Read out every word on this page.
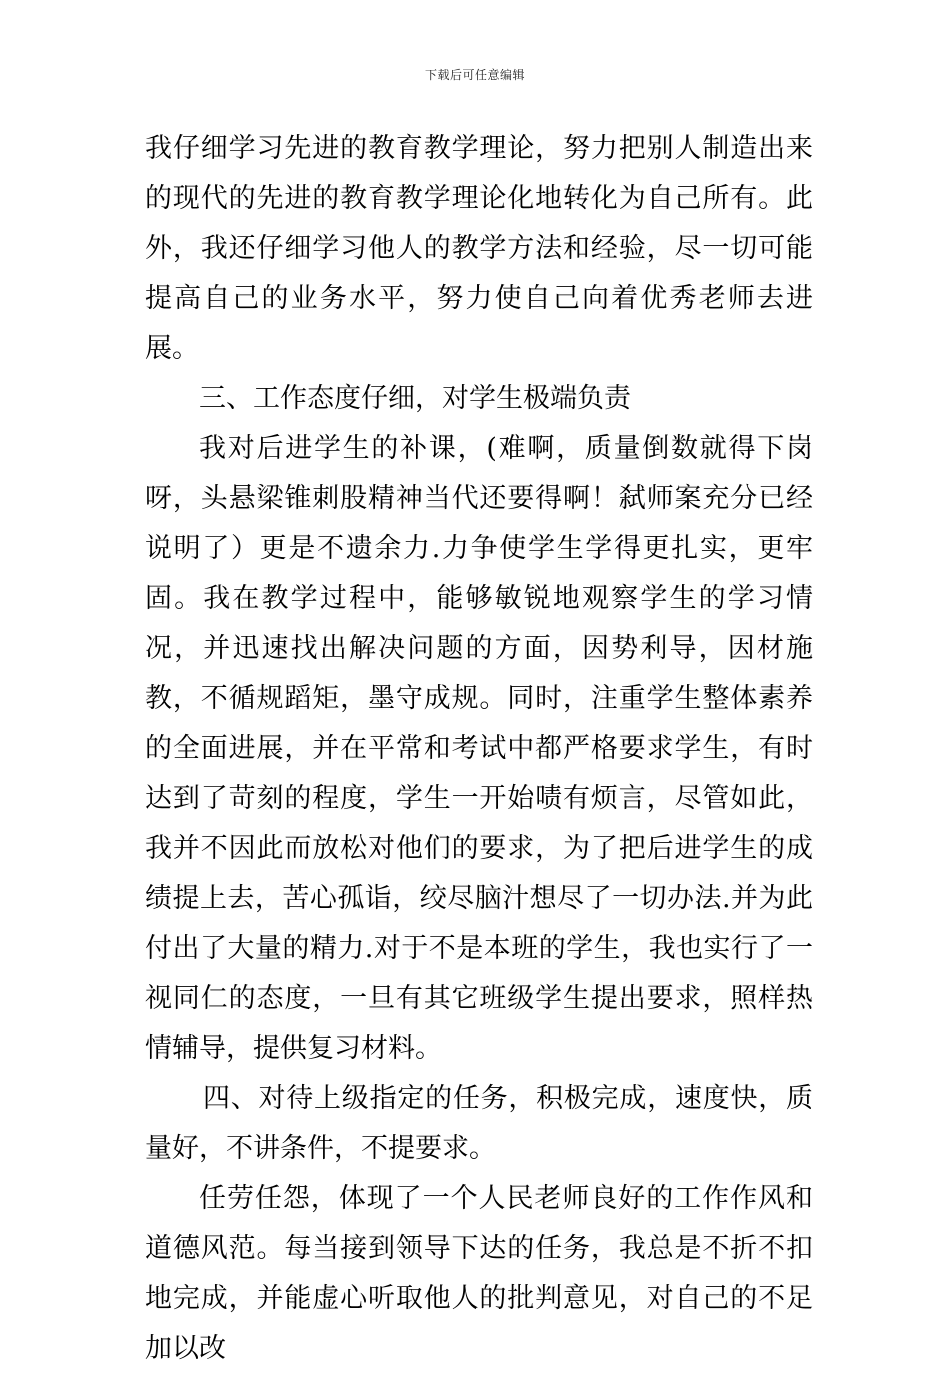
下载后可任意编辑

我仔细学习先进的教育教学理论，努力把别人制造出来的现代的先进的教育教学理论化地转化为自己所有。此外，我还仔细学习他人的教学方法和经验，尽一切可能提高自己的业务水平，努力使自己向着优秀老师去进展。

三、工作态度仔细，对学生极端负责

我对后进学生的补课，(难啊，质量倒数就得下岗呀，头悬梁锥刺股精神当代还要得啊！弑师案充分已经说明了）更是不遗余力.力争使学生学得更扎实，更牢固。我在教学过程中，能够敏锐地观察学生的学习情况，并迅速找出解决问题的方面，因势利导，因材施教，不循规蹈矩，墨守成规。同时，注重学生整体素养的全面进展，并在平常和考试中都严格要求学生，有时达到了苛刻的程度，学生一开始啧有烦言，尽管如此，我并不因此而放松对他们的要求，为了把后进学生的成绩提上去，苦心孤诣，绞尽脑汁想尽了一切办法.并为此付出了大量的精力.对于不是本班的学生，我也实行了一视同仁的态度，一旦有其它班级学生提出要求，照样热情辅导，提供复习材料。

四、对待上级指定的任务，积极完成，速度快，质量好，不讲条件，不提要求。

任劳任怨，体现了一个人民老师良好的工作作风和道德风范。每当接到领导下达的任务，我总是不折不扣地完成，并能虚心听取他人的批判意见，对自己的不足加以改
